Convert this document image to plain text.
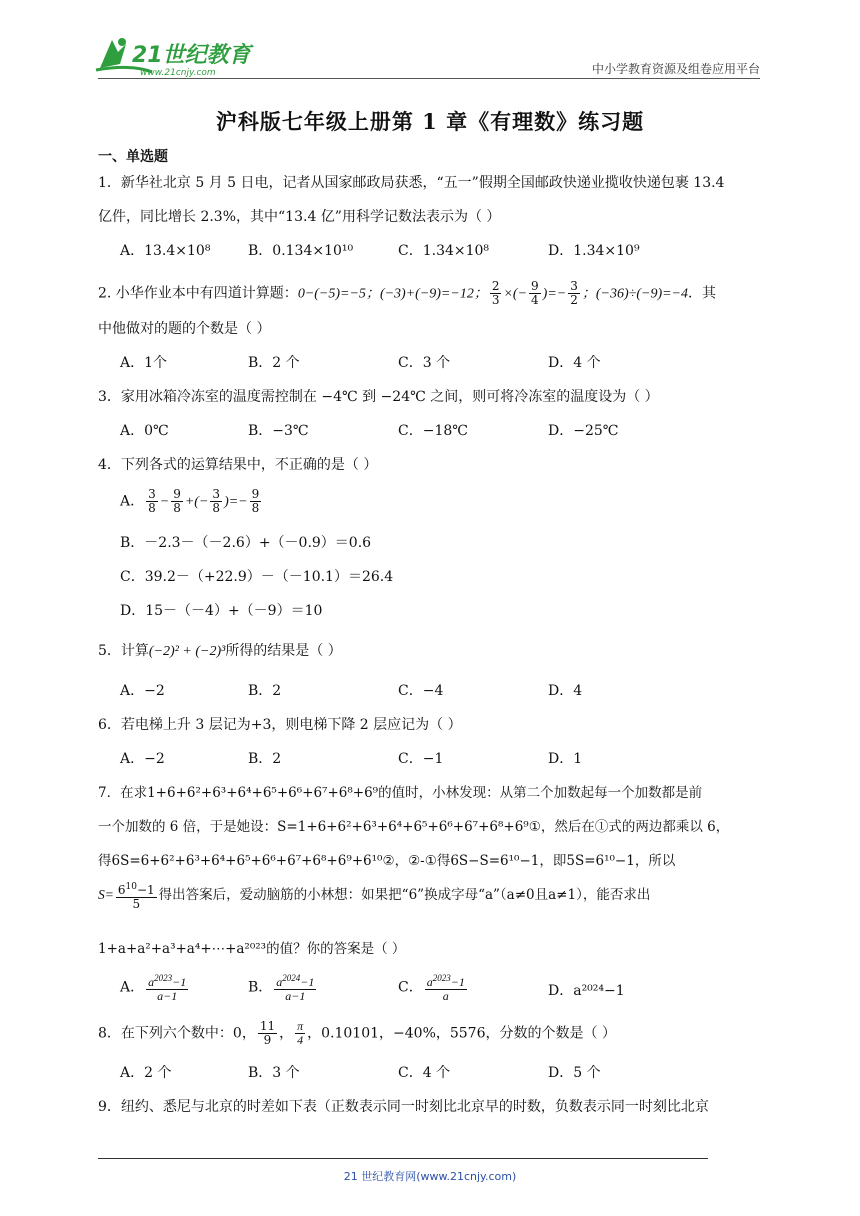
21世纪教育
www.21cnjy.com	中小学教育资源及组卷应用平台
沪科版七年级上册第 1 章《有理数》练习题
一、单选题
1．新华社北京 5 月 5 日电，记者从国家邮政局获悉，“五一”假期全国邮政快递业揽收快递包裹 13.4
亿件，同比增长 2.3%，其中“13.4 亿”用科学记数法表示为（ ）
A．13.4×10⁸	B．0.134×10¹⁰	C．1.34×10⁸	D．1.34×10⁹
2. 小华作业本中有四道计算题：0−(−5)=−5；(−3)+(−9)=−12； $\frac{2}{3}$ ×(− $\frac{9}{4}$ )=− $\frac{3}{2}$ ；(−36)÷(−9)=−4．其
中他做对的题的个数是（ ）
A．1个	B．2 个	C．3 个	D．4 个
3．家用冰箱冷冻室的温度需控制在 −4℃ 到 −24℃ 之间，则可将冷冻室的温度设为（ ）
A．0℃	B．−3℃	C．−18℃	D．−25℃
4．下列各式的运算结果中，不正确的是（ ）
A． $\frac{3}{8} - \frac{9}{8}$ +(− $\frac{3}{8}$ )=− $\frac{9}{8}$
B．－2.3－（－2.6）+（－0.9）＝0.6
C．39.2－（+22.9）－（－10.1）＝26.4
D．15－（－4）+（－9）＝10
5．计算(−2)² + (−2)³所得的结果是（ ）
A．−2	B．2	C．−4	D．4
6．若电梯上升 3 层记为+3，则电梯下降 2 层应记为（ ）
A．−2	B．2	C．−1	D．1
7．在求1+6+6²+6³+6⁴+6⁵+6⁶+6⁷+6⁸+6⁹的值时，小林发现：从第二个加数起每一个加数都是前
一个加数的 6 倍，于是她设：S=1+6+6²+6³+6⁴+6⁵+6⁶+6⁷+6⁸+6⁹①，然后在①式的两边都乘以 6，
得6S=6+6²+6³+6⁴+6⁵+6⁶+6⁷+6⁸+6⁹+6¹⁰②，②-①得6S−S=6¹⁰−1，即5S=6¹⁰−1，所以
$S= \frac{6^{10}-1}{5}$ 得出答案后，爱动脑筋的小林想：如果把“6”换成字母“a”（a≠0且a≠1），能否求出
1+a+a²+a³+a⁴+⋯+a²⁰²³的值？你的答案是（ ）
A． $\frac{a^{2023}-1}{a-1}$	B． $\frac{a^{2024}-1}{a-1}$	C． $\frac{a^{2023}-1}{a}$	D．a²⁰²⁴−1
8．在下列六个数中：0， $\frac{11}{9}$ ， $\frac{\pi}{4}$ ，0.10101，−40%，5576，分数的个数是（ ）
A．2 个	B．3 个	C．4 个	D．5 个
9．纽约、悉尼与北京的时差如下表（正数表示同一时刻比北京早的时数，负数表示同一时刻比北京
21 世纪教育网(www.21cnjy.com)
